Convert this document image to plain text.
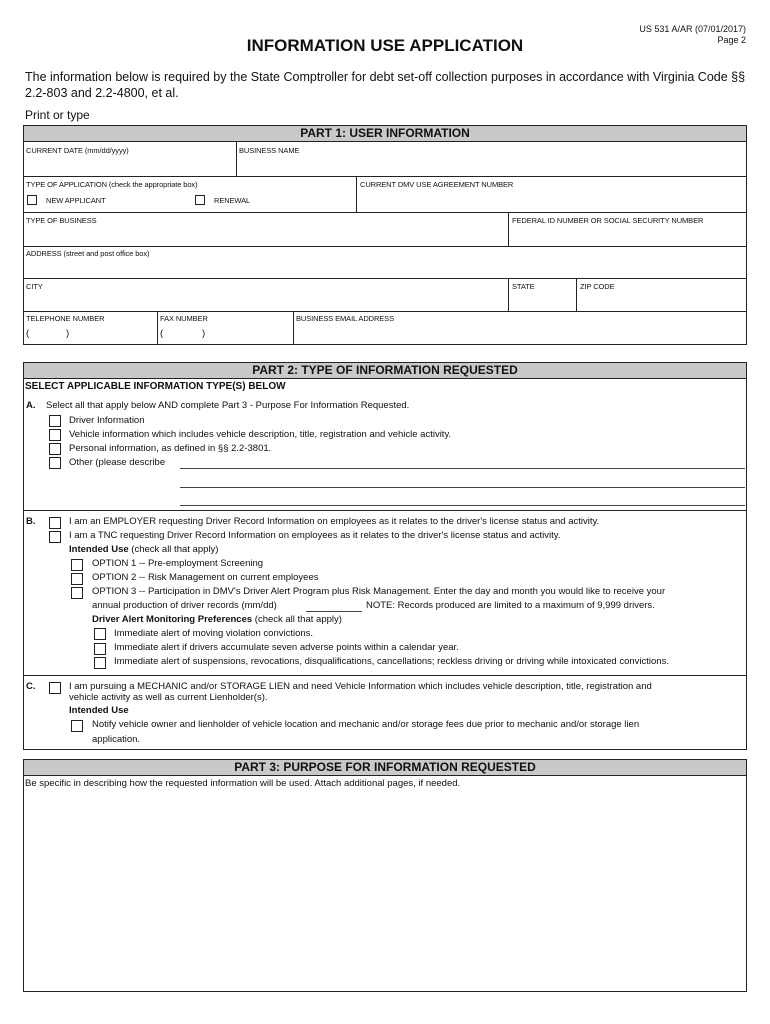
US 531 A/AR (07/01/2017)
Page 2
INFORMATION USE APPLICATION
The information below is required by the State Comptroller for debt set-off collection purposes in accordance with Virginia Code §§ 2.2-803 and 2.2-4800, et al.
Print or type
PART 1: USER INFORMATION
CURRENT DATE (mm/dd/yyyy)	BUSINESS NAME
TYPE OF APPLICATION (check the appropriate box)
NEW APPLICANT	RENEWAL
CURRENT DMV USE AGREEMENT NUMBER
TYPE OF BUSINESS	FEDERAL ID NUMBER OR SOCIAL SECURITY NUMBER
ADDRESS (street and post office box)
CITY	STATE	ZIP CODE
TELEPHONE NUMBER
(	)
FAX NUMBER
(	)
BUSINESS EMAIL ADDRESS
PART 2: TYPE OF INFORMATION REQUESTED
SELECT APPLICABLE INFORMATION TYPE(S) BELOW
A. Select all that apply below AND complete Part 3 - Purpose For Information Requested.
Driver Information
Vehicle information which includes vehicle description, title, registration and vehicle activity.
Personal information, as defined in §§ 2.2-3801.
Other (please describe
B.	I am an EMPLOYER requesting Driver Record Information on employees as it relates to the driver's license status and activity.
I am a TNC requesting Driver Record Information on employees as it relates to the driver's license status and activity.
Intended Use (check all that apply)
OPTION 1 -- Pre-employment Screening
OPTION 2 -- Risk Management on current employees
OPTION 3 -- Participation in DMV's Driver Alert Program plus Risk Management. Enter the day and month you would like to receive your
annual production of driver records (mm/dd)	NOTE: Records produced are limited to a maximum of 9,999 drivers.
Driver Alert Monitoring Preferences (check all that apply)
Immediate alert of moving violation convictions.
Immediate alert if drivers accumulate seven adverse points within a calendar year.
Immediate alert of suspensions, revocations, disqualifications, cancellations; reckless driving or driving while intoxicated convictions.
C.	I am pursuing a MECHANIC and/or STORAGE LIEN and need Vehicle Information which includes vehicle description, title, registration and
vehicle activity as well as current Lienholder(s).
Intended Use
Notify vehicle owner and lienholder of vehicle location and mechanic and/or storage fees due prior to mechanic and/or storage lien
application.
PART 3: PURPOSE FOR INFORMATION REQUESTED
Be specific in describing how the requested information will be used. Attach additional pages, if needed.
